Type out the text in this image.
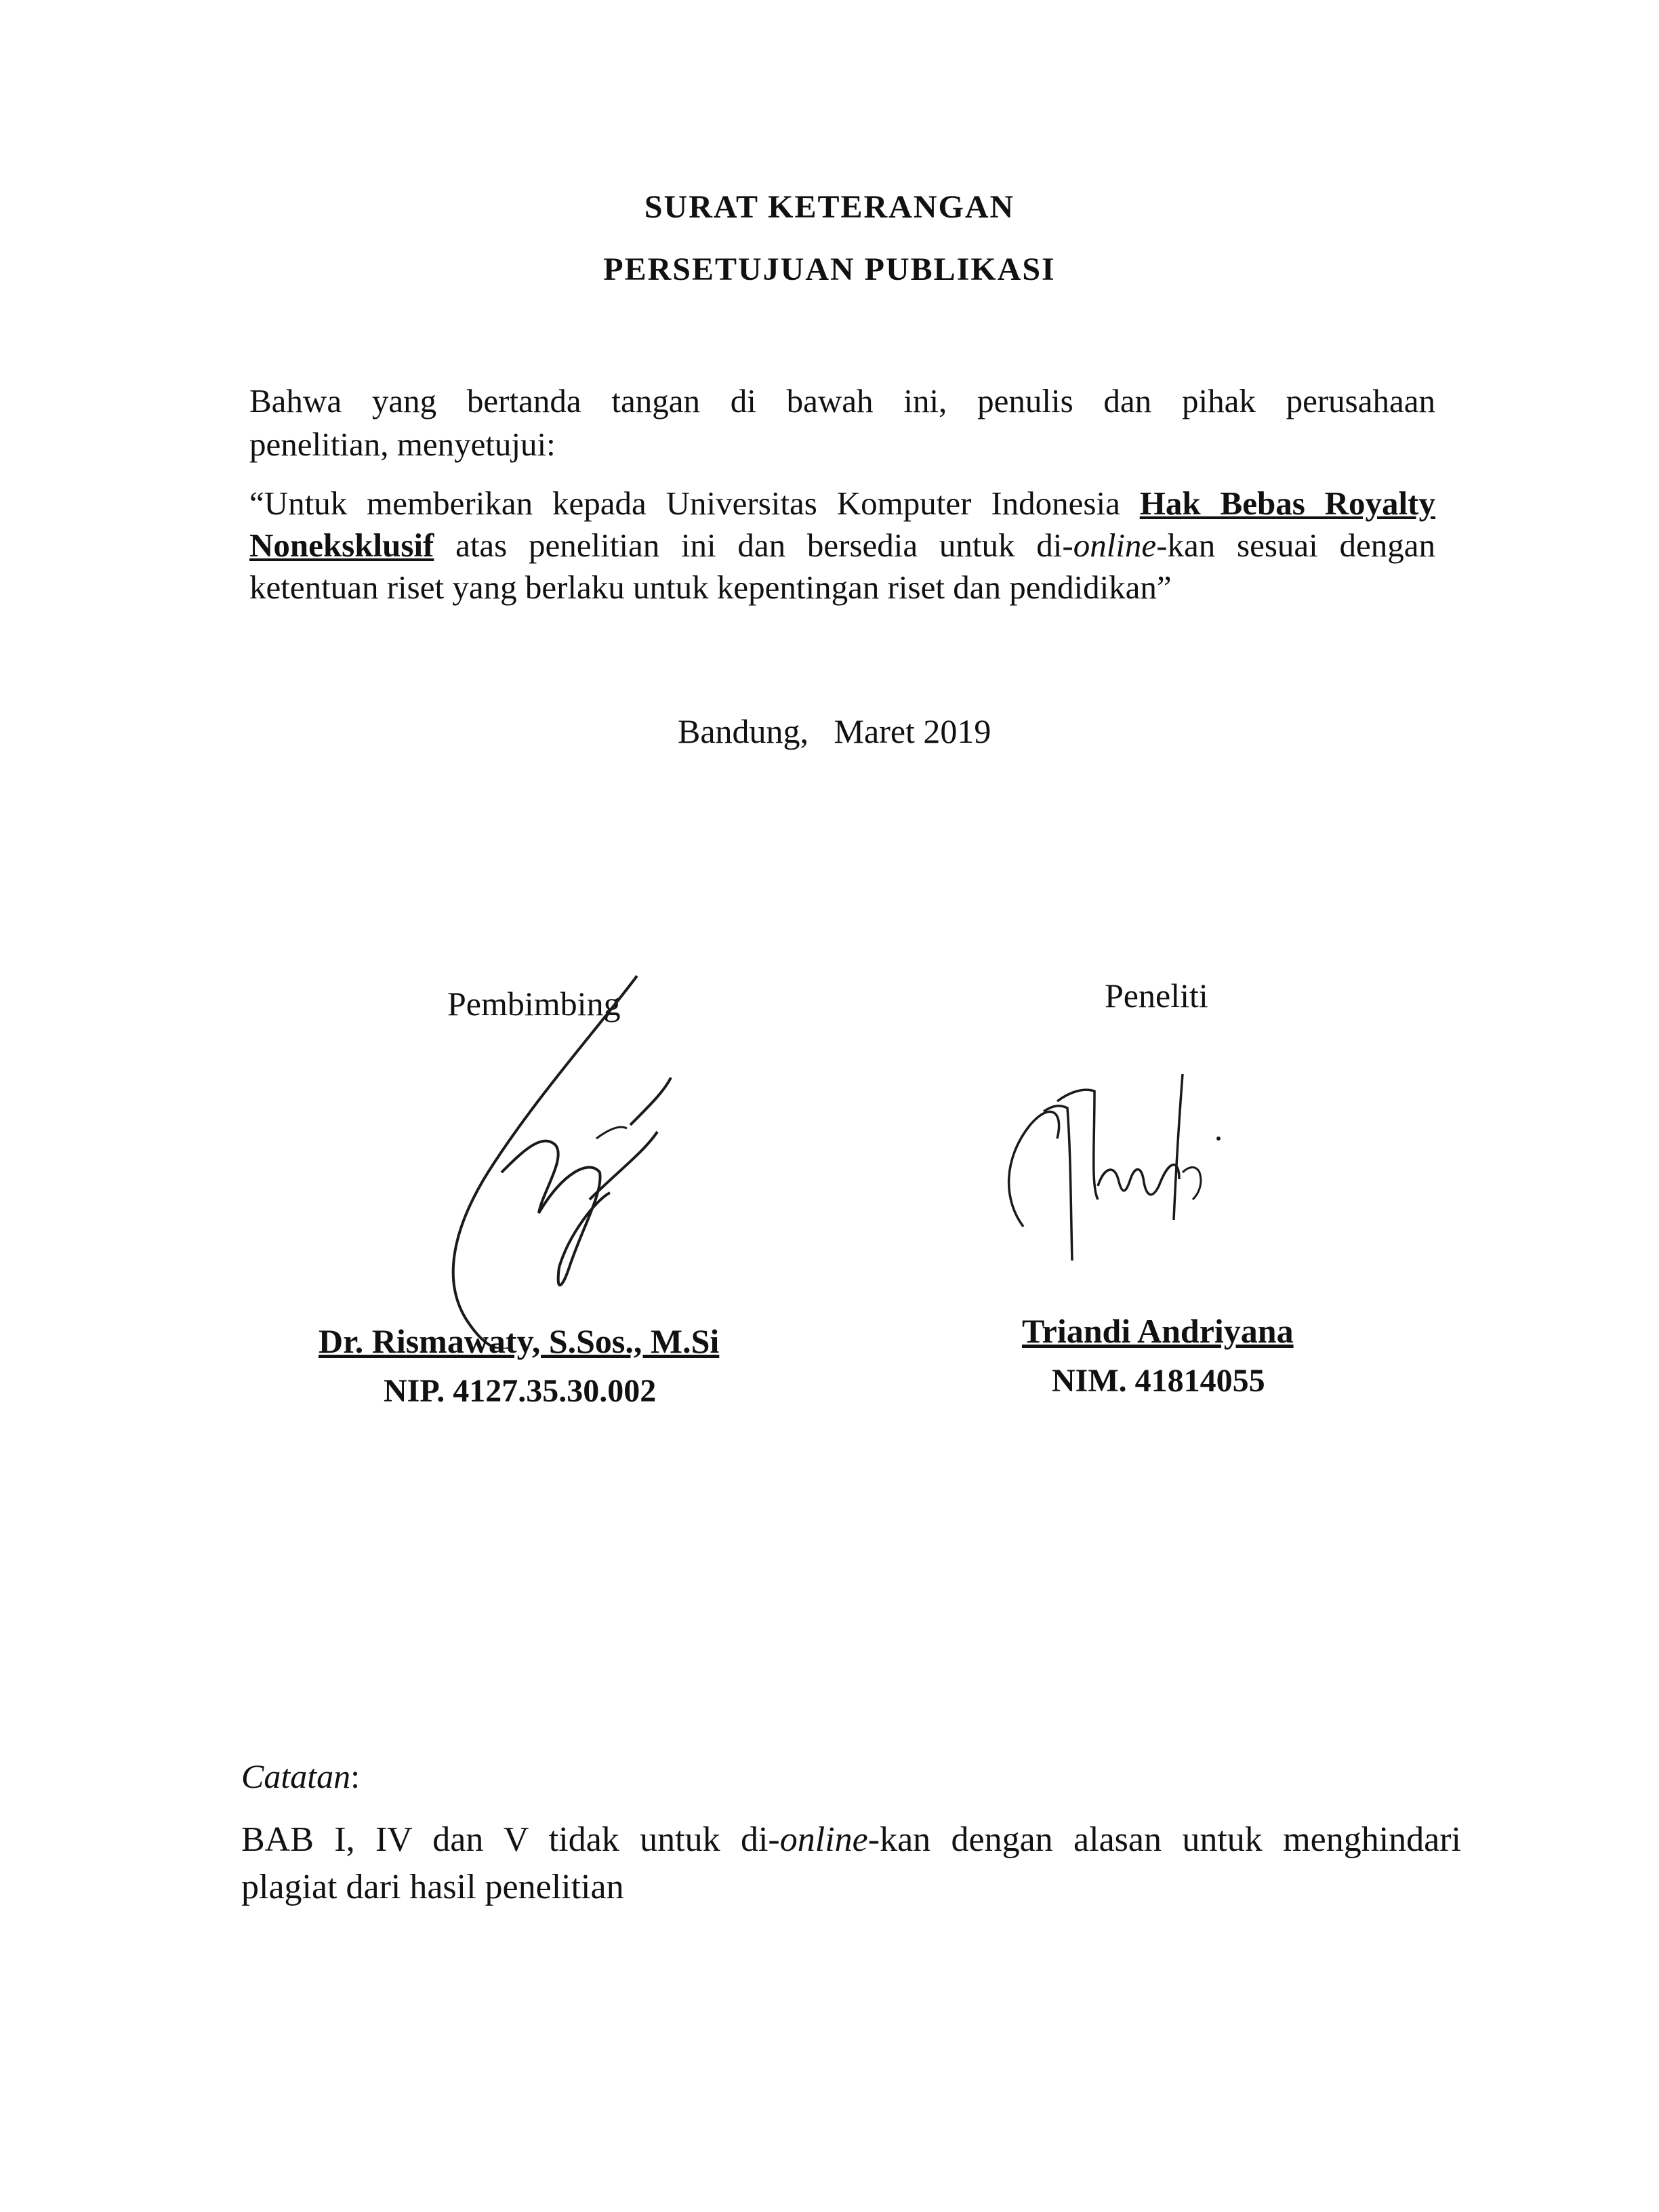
SURAT KETERANGAN
PERSETUJUAN PUBLIKASI
Bahwa yang bertanda tangan di bawah ini, penulis dan pihak perusahaan
penelitian, menyetujui:
“Untuk memberikan kepada Universitas Komputer Indonesia Hak Bebas Royalty
Noneksklusif atas penelitian ini dan bersedia untuk di-online-kan sesuai dengan
ketentuan riset yang berlaku untuk kepentingan riset dan pendidikan”
Bandung,   Maret 2019
Pembimbing
Dr. Rismawaty, S.Sos., M.Si
NIP. 4127.35.30.002
Peneliti
Triandi Andriyana
NIM. 41814055
Catatan:
BAB I, IV dan V tidak untuk di-online-kan dengan alasan untuk menghindari
plagiat dari hasil penelitian
